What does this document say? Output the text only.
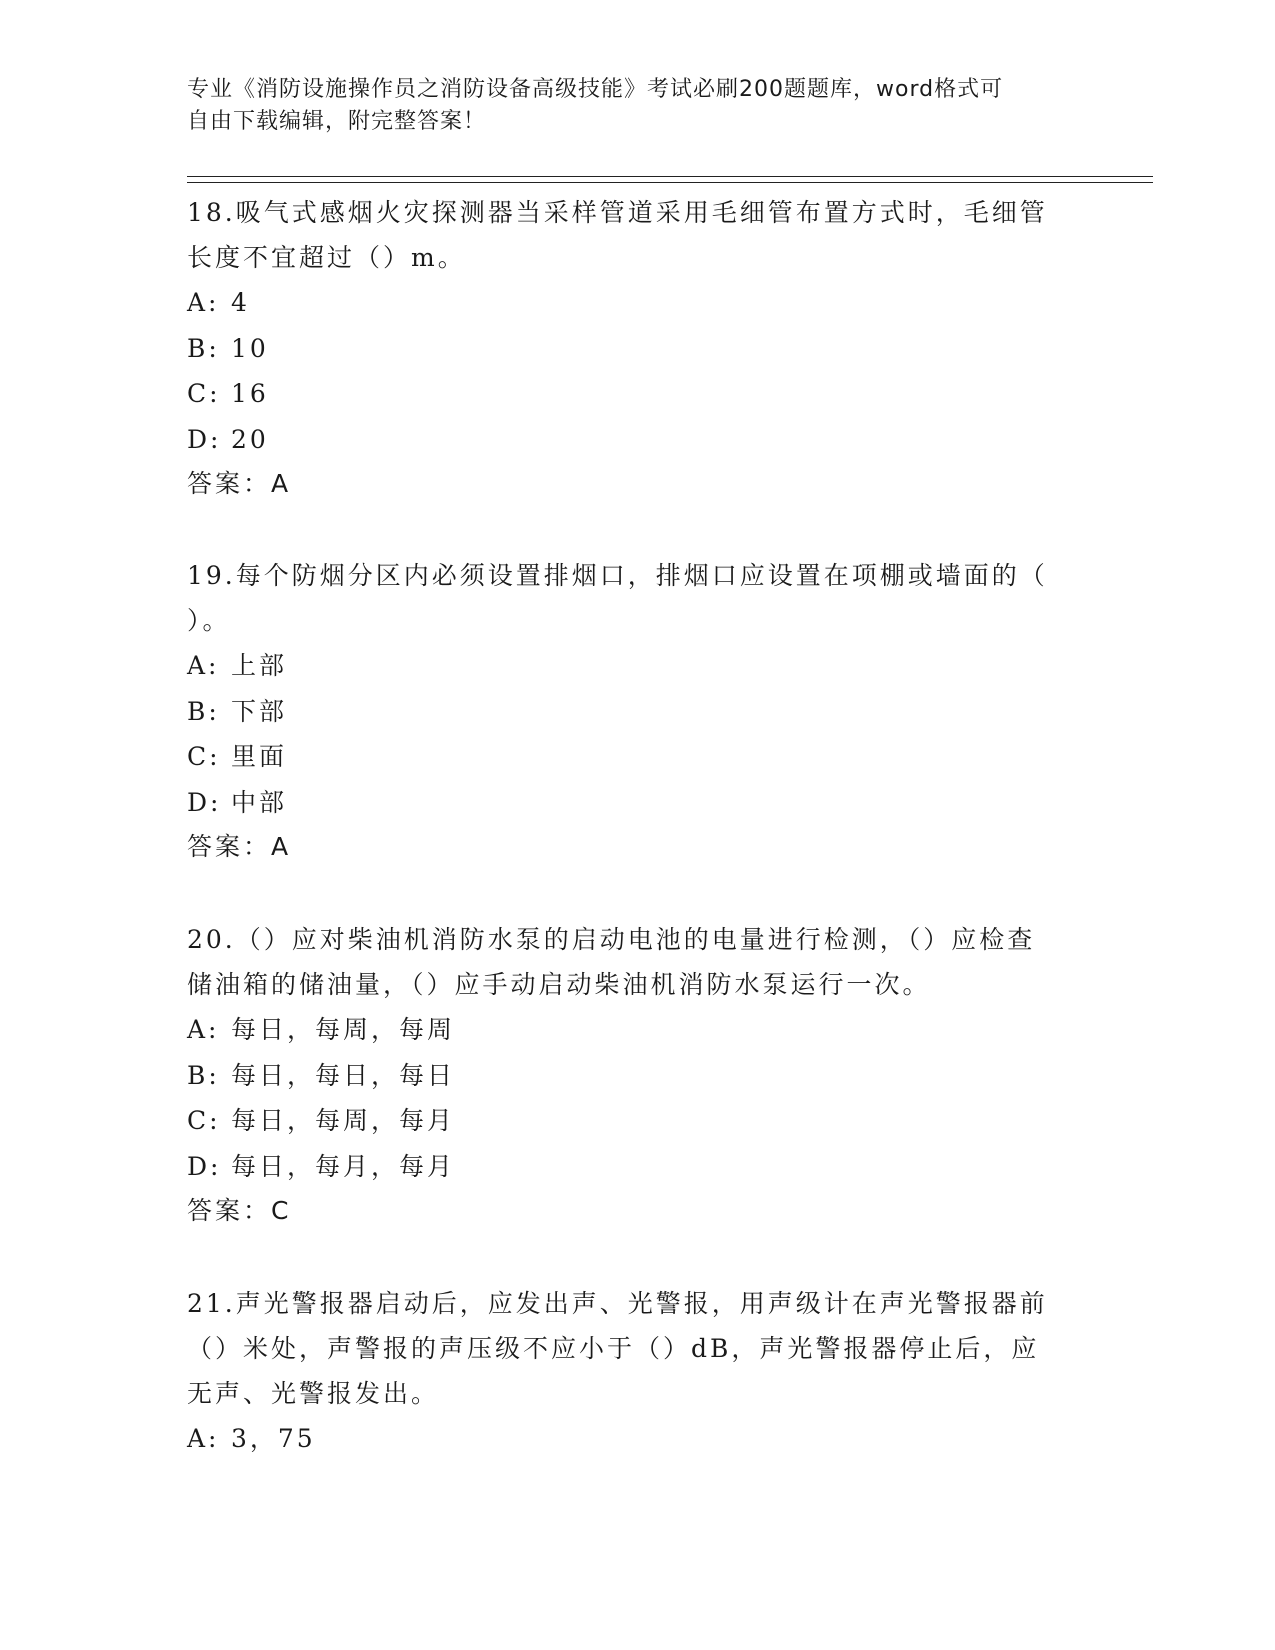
专业《消防设施操作员之消防设备高级技能》考试必刷200题题库，word格式可
自由下载编辑，附完整答案！

18.吸气式感烟火灾探测器当采样管道采用毛细管布置方式时，毛细管

长度不宜超过（）m。

A: 4

B: 10

C: 16

D: 20

答案：A

19.每个防烟分区内必须设置排烟口，排烟口应设置在项棚或墙面的（

）。

A: 上部

B: 下部

C: 里面

D: 中部

答案：A

20.（）应对柴油机消防水泵的启动电池的电量进行检测，（）应检查

储油箱的储油量，（）应手动启动柴油机消防水泵运行一次。

A: 每日，每周，每周

B: 每日，每日，每日

C: 每日，每周，每月

D: 每日，每月，每月

答案：C

21.声光警报器启动后，应发出声、光警报，用声级计在声光警报器前

（）米处，声警报的声压级不应小于（）dB，声光警报器停止后，应

无声、光警报发出。

A: 3，75
